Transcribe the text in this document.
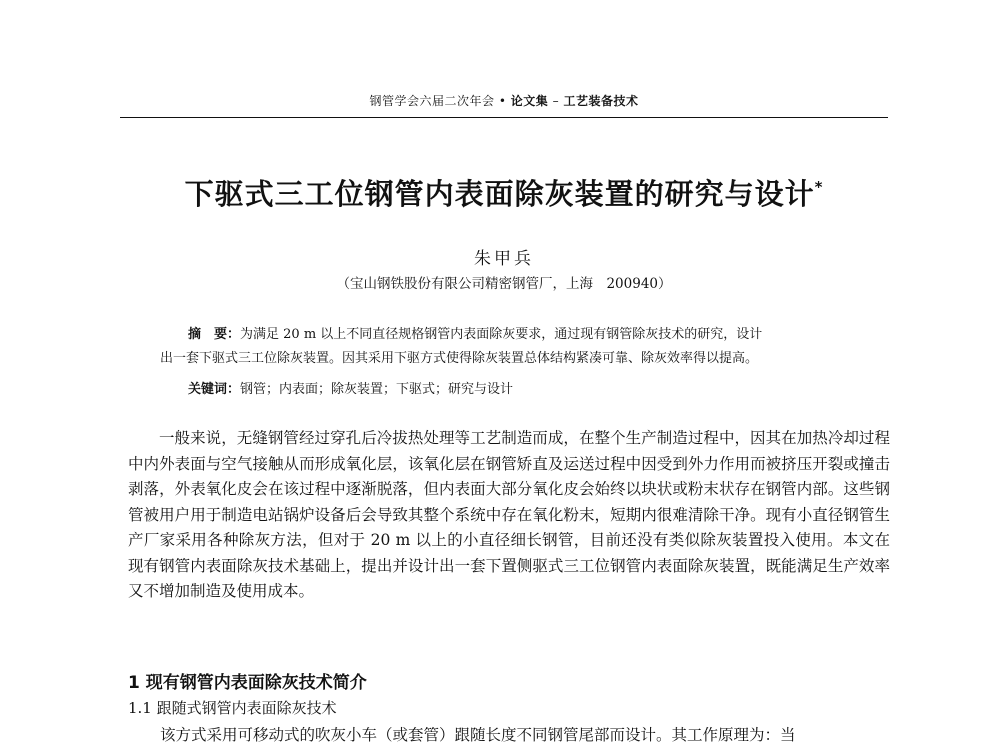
钢管学会六届二次年会 • 论文集 – 工艺装备技术
下驱式三工位钢管内表面除灰装置的研究与设计*
朱甲兵
（宝山钢铁股份有限公司精密钢管厂，上海　200940）

摘　要：为满足 20 m 以上不同直径规格钢管内表面除灰要求，通过现有钢管除灰技术的研究，设计

出一套下驱式三工位除灰装置。因其采用下驱方式使得除灰装置总体结构紧凑可靠、除灰效率得以提高。

关键词：钢管；内表面；除灰装置；下驱式；研究与设计

一般来说，无缝钢管经过穿孔后冷拔热处理等工艺制造而成，在整个生产制造过程中，因其在加热冷却过程中内外表面与空气接触从而形成氧化层，该氧化层在钢管矫直及运送过程中因受到外力作用而被挤压开裂或撞击剥落，外表氧化皮会在该过程中逐渐脱落，但内表面大部分氧化皮会始终以块状或粉末状存在钢管内部。这些钢管被用户用于制造电站锅炉设备后会导致其整个系统中存在氧化粉末，短期内很难清除干净。现有小直径钢管生产厂家采用各种除灰方法，但对于 20 m 以上的小直径细长钢管，目前还没有类似除灰装置投入使用。本文在现有钢管内表面除灰技术基础上，提出并设计出一套下置侧驱式三工位钢管内表面除灰装置，既能满足生产效率又不增加制造及使用成本。

1 现有钢管内表面除灰技术简介
1.1 跟随式钢管内表面除灰技术
该方式采用可移动式的吹灰小车（或套管）跟随长度不同钢管尾部而设计。其工作原理为：当
